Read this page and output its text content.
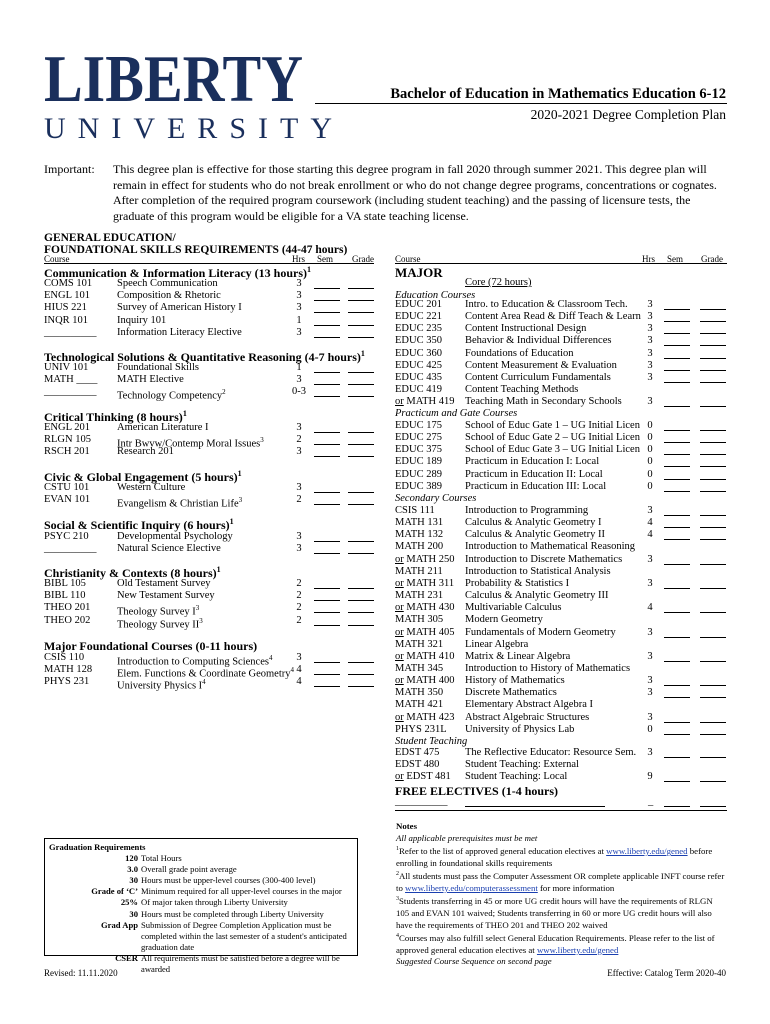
LIBERTY
UNIVERSITY
Bachelor of Education in Mathematics Education 6-12
2020-2021 Degree Completion Plan
Important: This degree plan is effective for those starting this degree program in fall 2020 through summer 2021. This degree plan will remain in effect for students who do not break enrollment or who do not change degree programs, concentrations or cognates. After completion of the required program coursework (including student teaching) and the passing of licensure tests, the graduate of this program would be eligible for a VA state teaching license.
GENERAL EDUCATION/
FOUNDATIONAL SKILLS REQUIREMENTS (44-47 hours)
Course	Hrs Sem Grade
Communication & Information Literacy (13 hours)$^1$
COMS 101 Speech Communication	3
ENGL 101	Composition & Rhetoric	3
HIUS 221	Survey of American History I	3
INQR 101	Inquiry 101	1
__________ Information Literacy Elective	3
Technological Solutions & Quantitative Reasoning (4-7 hours)$^1$
UNIV 101	Foundational Skills	1
MATH ____ MATH Elective	3
__________ Technology Competency$^2$	0-3
Critical Thinking (8 hours)$^1$
ENGL 201	American Literature I	3
RLGN 105 Intr Bwvw/Contemp Moral Issues$^3$	2
RSCH 201	Research 201	3
Civic & Global Engagement (5 hours)$^1$
CSTU 101	Western Culture	3
EVAN 101	Evangelism & Christian Life$^3$	2
Social & Scientific Inquiry (6 hours)$^1$
PSYC 210	Developmental Psychology	3
__________ Natural Science Elective	3
Christianity & Contexts (8 hours)$^1$
BIBL 105	Old Testament Survey	2
BIBL 110	New Testament Survey	2
THEO 201	Theology Survey $I^3$	2
THEO 202	Theology Survey $II^3$	2
Major Foundational Courses (0-11 hours)
CSIS 110	Introduction to Computing Sciences$^4$	3
MATH 128 Elem. Functions & Coordinate Geometry$^4$ 4
PHYS 231	University Physics $I^4$	4
Course	Hrs Sem Grade
MAJOR
Core (72 hours)
Education Courses
EDUC 201 Intro. to Education & Classroom Tech.	3
EDUC 221 Content Area Read & Diff Teach & Learn 3
EDUC 235 Content Instructional Design	3
EDUC 350 Behavior & Individual Differences	3
EDUC 360 Foundations of Education	3
EDUC 425 Content Measurement & Evaluation	3
EDUC 435 Content Curriculum Fundamentals	3
EDUC 419 Content Teaching Methods
or MATH 419 Teaching Math in Secondary Schools	3
Practicum and Gate Courses
EDUC 175 School of Educ Gate 1 – UG Initial Licen 0
EDUC 275 School of Educ Gate 2 – UG Initial Licen 0
EDUC 375 School of Educ Gate 3 – UG Initial Licen 0
EDUC 189 Practicum in Education I: Local	0
EDUC 289 Practicum in Education II: Local	0
EDUC 389 Practicum in Education III: Local	0
Secondary Courses
CSIS 111	Introduction to Programming	3
MATH 131 Calculus & Analytic Geometry I	4
MATH 132 Calculus & Analytic Geometry II	4
MATH 200 Introduction to Mathematical Reasoning
or MATH 250 Introduction to Discrete Mathematics	3
MATH 211 Introduction to Statistical Analysis
or MATH 311 Probability & Statistics I	3
MATH 231 Calculus & Analytic Geometry III
or MATH 430 Multivariable Calculus	4
MATH 305 Modern Geometry
or MATH 405 Fundamentals of Modern Geometry	3
MATH 321 Linear Algebra
or MATH 410 Matrix & Linear Algebra	3
MATH 345 Introduction to History of Mathematics
or MATH 400 History of Mathematics	3
MATH 350 Discrete Mathematics	3
MATH 421 Elementary Abstract Algebra I
or MATH 423 Abstract Algebraic Structures	3
PHYS 231L University of Physics Lab	0
Student Teaching
EDST 475 The Reflective Educator: Resource Sem.	3
EDST 480 Student Teaching: External
or EDST 481 Student Teaching: Local	9
FREE ELECTIVES (1-4 hours)
__________	_
Graduation Requirements
120 Total Hours
3.0 Overall grade point average
30 Hours must be upper-level courses (300-400 level)
Grade of ‘C’ Minimum required for all upper-level courses in the major
25% Of major taken through Liberty University
30 Hours must be completed through Liberty University
Grad App Submission of Degree Completion Application must be completed within the last semester of a student's anticipated graduation date
CSER All requirements must be satisfied before a degree will be awarded
Notes
All applicable prerequisites must be met
$^1$Refer to the list of approved general education electives at www.liberty.edu/gened before enrolling in foundational skills requirements
$^2$All students must pass the Computer Assessment OR complete applicable INFT course refer to www.liberty.edu/computerassessment for more information
$^3$Students transferring in 45 or more UG credit hours will have the requirements of RLGN 105 and EVAN 101 waived; Students transferring in 60 or more UG credit hours will also have the requirements of THEO 201 and THEO 202 waived
$^4$Courses may also fulfill select General Education Requirements. Please refer to the list of approved general education electives at www.liberty.edu/gened
Suggested Course Sequence on second page
Revised: 11.11.2020	Effective: Catalog Term 2020-40
